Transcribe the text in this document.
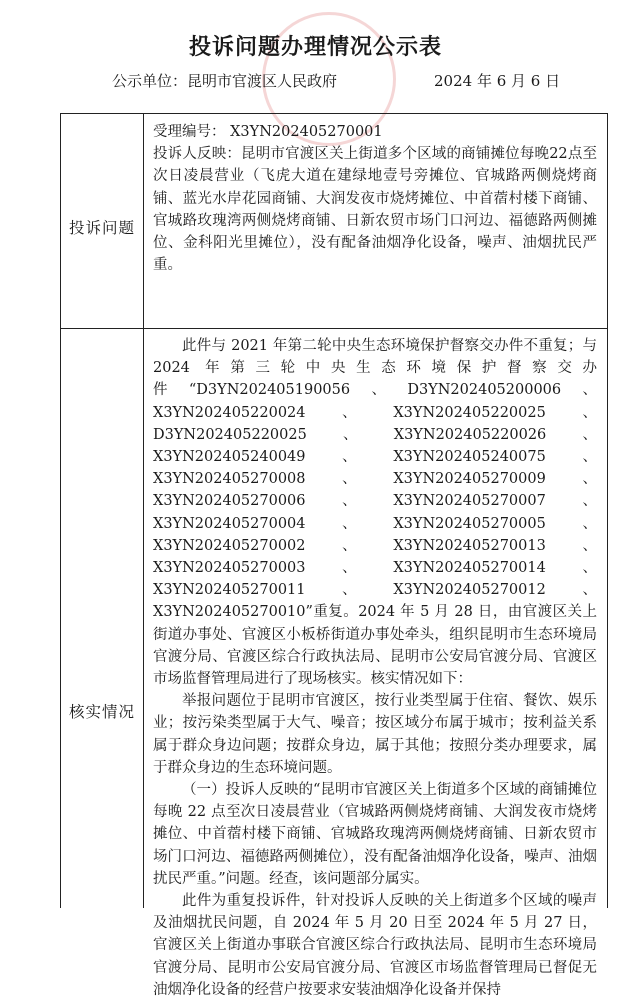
投诉问题办理情况公示表
公示单位：昆明市官渡区人民政府	2024 年 6 月 6 日
投诉问题
核实情况

受理编号： X3YN202405270001

投诉人反映：昆明市官渡区关上街道多个区域的商铺摊位每晚22点至次日凌晨营业（飞虎大道在建绿地壹号旁摊位、官城路两侧烧烤商铺、蓝光水岸花园商铺、大润发夜市烧烤摊位、中首蓿村楼下商铺、官城路玫瑰湾两侧烧烤商铺、日新农贸市场门口河边、福德路两侧摊位、金科阳光里摊位），没有配备油烟净化设备，噪声、油烟扰民严重。

此件与 2021 年第二轮中央生态环境保护督察交办件不重复；与 2024 年第三轮中央生态环境保护督察交办件“D3YN202405190056、D3YN202405200006、X3YN202405220024、X3YN202405220025、D3YN202405220025、X3YN202405220026、X3YN202405240049、X3YN202405240075、X3YN202405270008、X3YN202405270009、X3YN202405270006、X3YN202405270007、X3YN202405270004、X3YN202405270005、X3YN202405270002、X3YN202405270013、X3YN202405270003、X3YN202405270014、X3YN202405270011、X3YN202405270012、X3YN202405270010”重复。2024 年 5 月 28 日，由官渡区关上街道办事处、官渡区小板桥街道办事处牵头，组织昆明市生态环境局官渡分局、官渡区综合行政执法局、昆明市公安局官渡分局、官渡区市场监督管理局进行了现场核实。核实情况如下：

举报问题位于昆明市官渡区，按行业类型属于住宿、餐饮、娱乐业；按污染类型属于大气、噪音；按区域分布属于城市；按利益关系属于群众身边问题；按群众身边，属于其他；按照分类办理要求，属于群众身边的生态环境问题。

（一）投诉人反映的“昆明市官渡区关上街道多个区域的商铺摊位每晚 22 点至次日凌晨营业（官城路两侧烧烤商铺、大润发夜市烧烤摊位、中首蓿村楼下商铺、官城路玫瑰湾两侧烧烤商铺、日新农贸市场门口河边、福德路两侧摊位），没有配备油烟净化设备，噪声、油烟扰民严重。”问题。经查，该问题部分属实。

此件为重复投诉件，针对投诉人反映的关上街道多个区域的噪声及油烟扰民问题，自 2024 年 5 月 20 日至 2024 年 5 月 27 日，官渡区关上街道办事联合官渡区综合行政执法局、昆明市生态环境局官渡分局、昆明市公安局官渡分局、官渡区市场监督管理局已督促无油烟净化设备的经营户按要求安装油烟净化设备并保持
